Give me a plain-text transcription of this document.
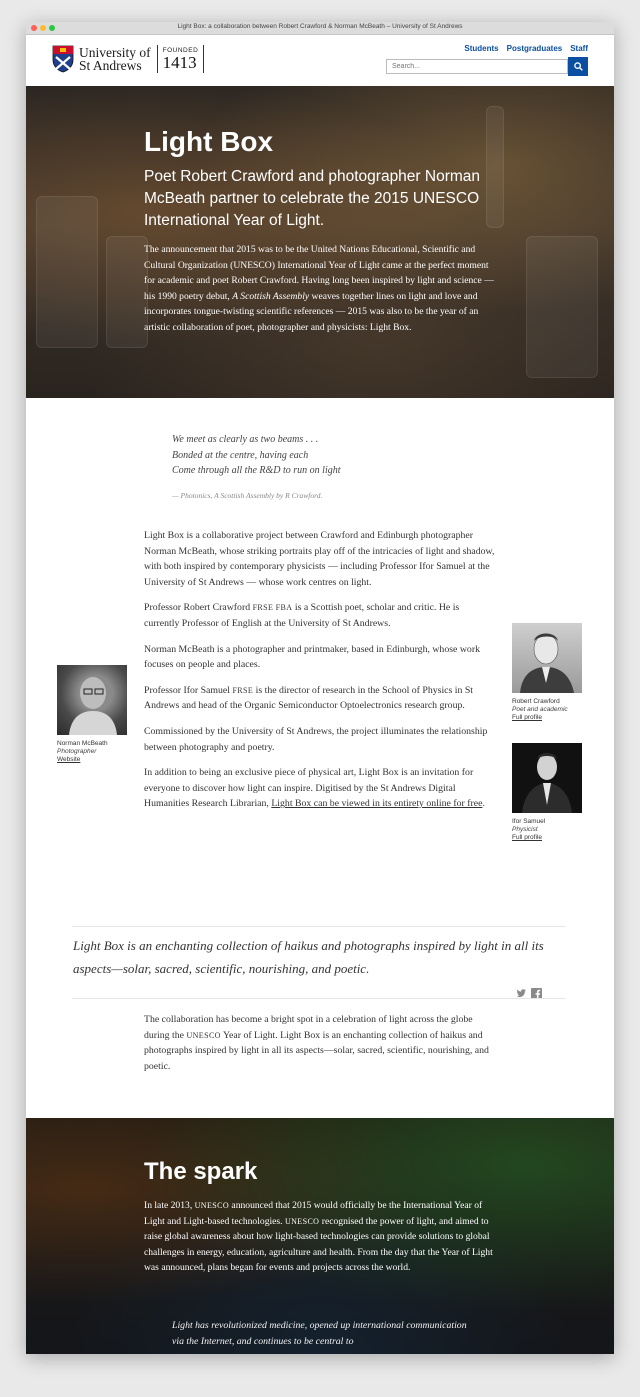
Light Box: a collaboration between Robert Crawford & Norman McBeath – University of St Andrews
University of
St Andrews
FOUNDED
1413
Students Postgraduates Staff
Search...
Light Box

Poet Robert Crawford and photographer Norman McBeath partner to celebrate the 2015 UNESCO International Year of Light.

The announcement that 2015 was to be the United Nations Educational, Scientific and Cultural Organization (UNESCO) International Year of Light came at the perfect moment for academic and poet Robert Crawford. Having long been inspired by light and science —his 1990 poetry debut, A Scottish Assembly weaves together lines on light and love and incorporates tongue-twisting scientific references — 2015 was also to be the year of an artistic collaboration of poet, photographer and physicists: Light Box.

We meet as clearly as two beams . . .
Bonded at the centre, having each
Come through all the R&D to run on light
— Photonics, A Scottish Assembly by R Crawford.

Light Box is a collaborative project between Crawford and Edinburgh photographer Norman McBeath, whose striking portraits play off of the intricacies of light and shadow, with both inspired by contemporary physicists — including Professor Ifor Samuel at the University of St Andrews — whose work centres on light.

Professor Robert Crawford FRSE FBA is a Scottish poet, scholar and critic. He is currently Professor of English at the University of St Andrews.

Norman McBeath is a photographer and printmaker, based in Edinburgh, whose work focuses on people and places.

Professor Ifor Samuel FRSE is the director of research in the School of Physics in St Andrews and head of the Organic Semiconductor Optoelectronics research group.

Commissioned by the University of St Andrews, the project illuminates the relationship between photography and poetry.

In addition to being an exclusive piece of physical art, Light Box is an invitation for everyone to discover how light can inspire. Digitised by the St Andrews Digital Humanities Research Librarian, Light Box can be viewed in its entirety online for free.

Norman McBeath
Photographer
Website
Robert Crawford
Poet and academic
Full profile
Ifor Samuel
Physicist
Full profile
Light Box is an enchanting collection of haikus and photographs inspired by light in all its aspects—solar, sacred, scientific, nourishing, and poetic.

The collaboration has become a bright spot in a celebration of light across the globe during the UNESCO Year of Light. Light Box is an enchanting collection of haikus and photographs inspired by light in all its aspects—solar, sacred, scientific, nourishing, and poetic.

The spark

In late 2013, UNESCO announced that 2015 would officially be the International Year of Light and Light-based technologies. UNESCO recognised the power of light, and aimed to raise global awareness about how light-based technologies can provide solutions to global challenges in energy, education, agriculture and health. From the day that the Year of Light was announced, plans began for events and projects across the world.

Light has revolutionized medicine, opened up international communication via the Internet, and continues to be central to
